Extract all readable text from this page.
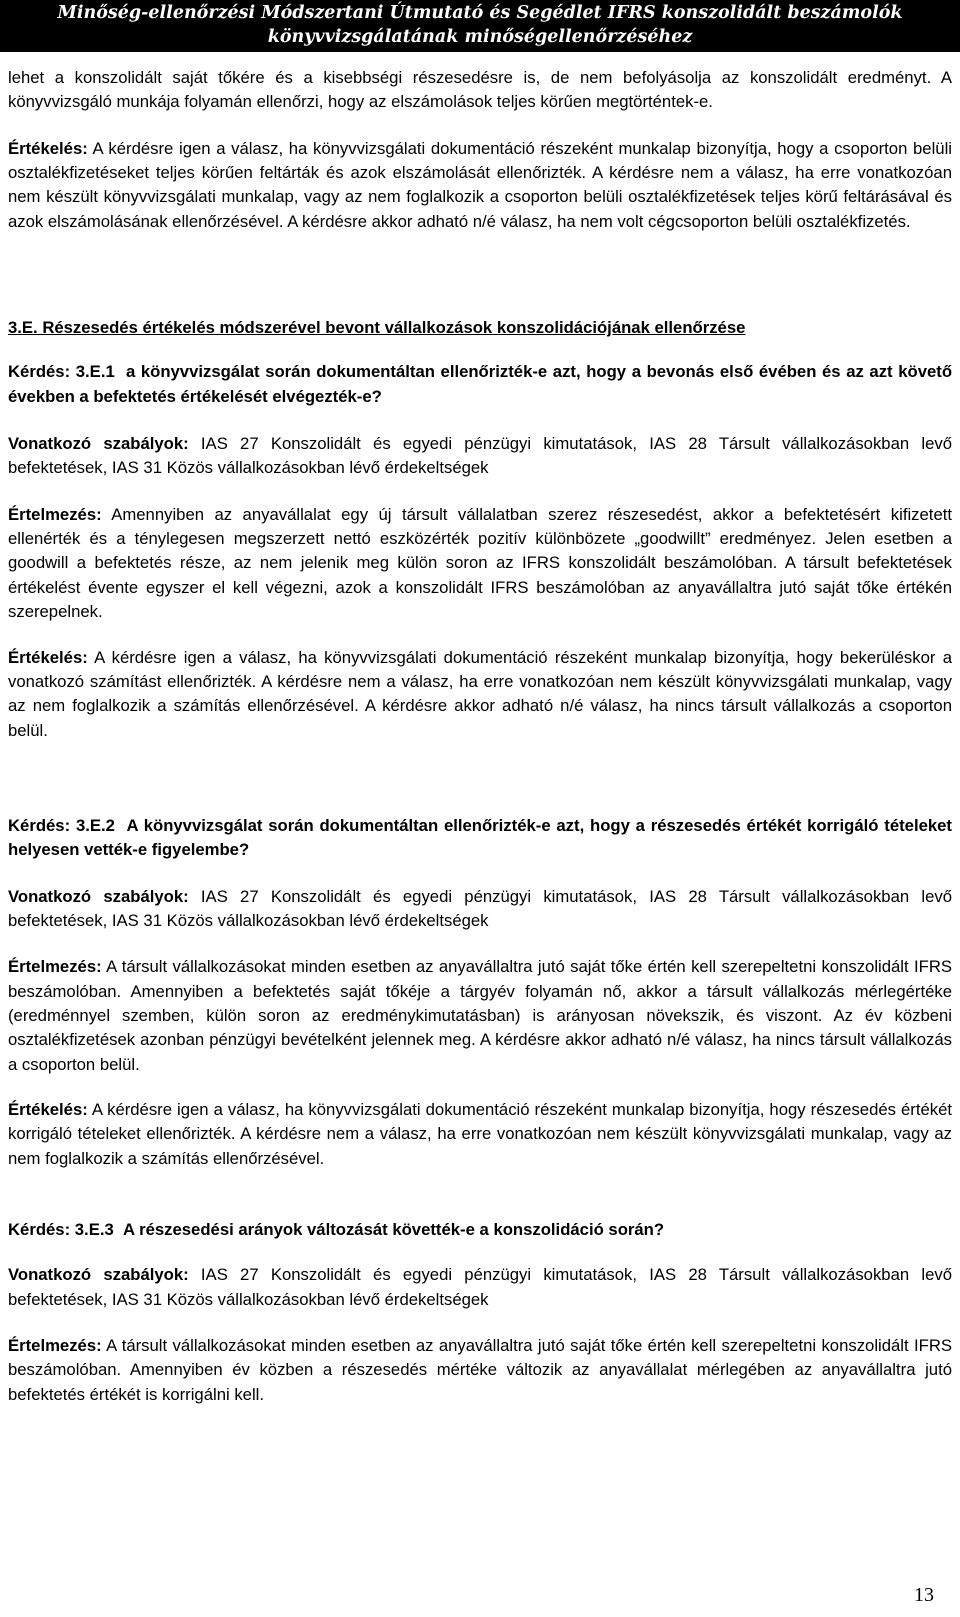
Minőség-ellenőrzési Módszertani Útmutató és Segédlet IFRS konszolidált beszámolók
könyvvizsgálatának minőségellenőrzéséhez

lehet a konszolidált saját tőkére és a kisebbségi részesedésre is, de nem befolyásolja az konszolidált eredményt. A könyvvizsgáló munkája folyamán ellenőrzi, hogy az elszámolások teljes körűen megtörténtek-e.

Értékelés: A kérdésre igen a válasz, ha könyvvizsgálati dokumentáció részeként munkalap bizonyítja, hogy a csoporton belüli osztalékfizetéseket teljes körűen feltárták és azok elszámolását ellenőrizték. A kérdésre nem a válasz, ha erre vonatkozóan nem készült könyvvizsgálati munkalap, vagy az nem foglalkozik a csoporton belüli osztalékfizetések teljes körű feltárásával és azok elszámolásának ellenőrzésével. A kérdésre akkor adható n/é válasz, ha nem volt cégcsoporton belüli osztalékfizetés.

3.E. Részesedés értékelés módszerével bevont vállalkozások konszolidációjának ellenőrzése

Kérdés: 3.E.1 a könyvvizsgálat során dokumentáltan ellenőrizték-e azt, hogy a bevonás első évében és az azt követő években a befektetés értékelését elvégezték-e?

Vonatkozó szabályok: IAS 27 Konszolidált és egyedi pénzügyi kimutatások, IAS 28 Társult vállalkozásokban levő befektetések, IAS 31 Közös vállalkozásokban lévő érdekeltségek

Értelmezés: Amennyiben az anyavállalat egy új társult vállalatban szerez részesedést, akkor a befektetésért kifizetett ellenérték és a ténylegesen megszerzett nettó eszközérték pozitív különbözete „goodwillt” eredményez. Jelen esetben a goodwill a befektetés része, az nem jelenik meg külön soron az IFRS konszolidált beszámolóban. A társult befektetések értékelést évente egyszer el kell végezni, azok a konszolidált IFRS beszámolóban az anyavállaltra jutó saját tőke értékén szerepelnek.

Értékelés: A kérdésre igen a válasz, ha könyvvizsgálati dokumentáció részeként munkalap bizonyítja, hogy bekerüléskor a vonatkozó számítást ellenőrizték. A kérdésre nem a válasz, ha erre vonatkozóan nem készült könyvvizsgálati munkalap, vagy az nem foglalkozik a számítás ellenőrzésével. A kérdésre akkor adható n/é válasz, ha nincs társult vállalkozás a csoporton belül.

Kérdés: 3.E.2 A könyvvizsgálat során dokumentáltan ellenőrizték-e azt, hogy a részesedés értékét korrigáló tételeket helyesen vették-e figyelembe?

Vonatkozó szabályok: IAS 27 Konszolidált és egyedi pénzügyi kimutatások, IAS 28 Társult vállalkozásokban levő befektetések, IAS 31 Közös vállalkozásokban lévő érdekeltségek

Értelmezés: A társult vállalkozásokat minden esetben az anyavállaltra jutó saját tőke értén kell szerepeltetni konszolidált IFRS beszámolóban. Amennyiben a befektetés saját tőkéje a tárgyév folyamán nő, akkor a társult vállalkozás mérlegértéke (eredménnyel szemben, külön soron az eredménykimutatásban) is arányosan növekszik, és viszont. Az év közbeni osztalékfizetések azonban pénzügyi bevételként jelennek meg. A kérdésre akkor adható n/é válasz, ha nincs társult vállalkozás a csoporton belül.

Értékelés: A kérdésre igen a válasz, ha könyvvizsgálati dokumentáció részeként munkalap bizonyítja, hogy részesedés értékét korrigáló tételeket ellenőrizték. A kérdésre nem a válasz, ha erre vonatkozóan nem készült könyvvizsgálati munkalap, vagy az nem foglalkozik a számítás ellenőrzésével.

Kérdés: 3.E.3 A részesedési arányok változását követték-e a konszolidáció során?

Vonatkozó szabályok: IAS 27 Konszolidált és egyedi pénzügyi kimutatások, IAS 28 Társult vállalkozásokban levő befektetések, IAS 31 Közös vállalkozásokban lévő érdekeltségek

Értelmezés: A társult vállalkozásokat minden esetben az anyavállaltra jutó saját tőke értén kell szerepeltetni konszolidált IFRS beszámolóban. Amennyiben év közben a részesedés mértéke változik az anyavállalat mérlegében az anyavállaltra jutó befektetés értékét is korrigálni kell.

13
